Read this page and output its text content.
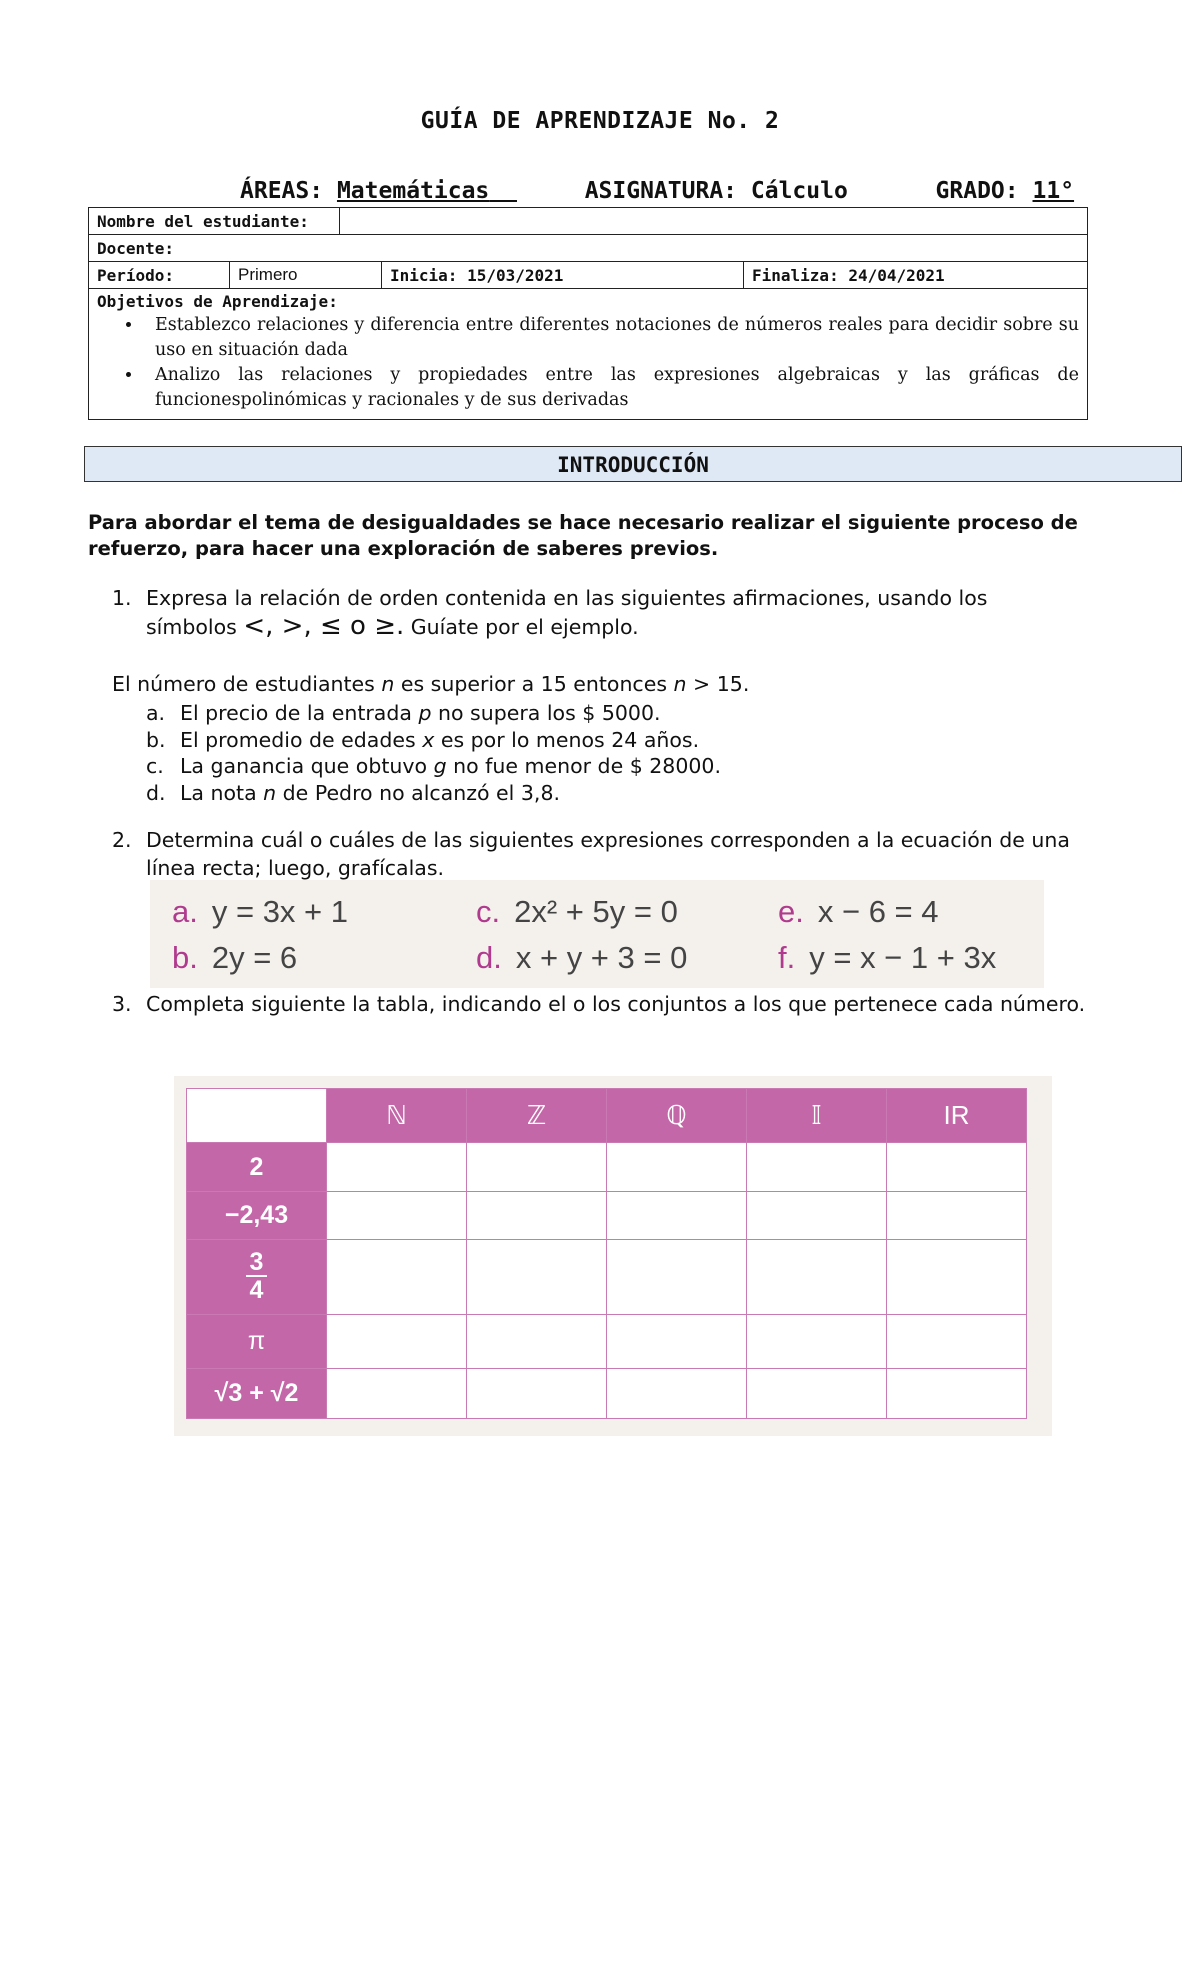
GUÍA DE APRENDIZAJE No. 2
ÁREAS: Matemáticas	ASIGNATURA: Cálculo	GRADO: 11°
Nombre del estudiante:
Docente:
Período:	Primero	Inicia: 15/03/2021	Finaliza: 24/04/2021
Objetivos de Aprendizaje:
• Establezco relaciones y diferencia entre diferentes notaciones de números reales para decidir sobre su uso en situación dada
• Analizo las relaciones y propiedades entre las expresiones algebraicas y las gráficas de funcionespolinómicas y racionales y de sus derivadas
INTRODUCCIÓN
Para abordar el tema de desigualdades se hace necesario realizar el siguiente proceso de refuerzo, para hacer una exploración de saberes previos.
1. Expresa la relación de orden contenida en las siguientes afirmaciones, usando los símbolos <, >, ≤ o ≥. Guíate por el ejemplo.
El número de estudiantes n es superior a 15 entonces n > 15.
a. El precio de la entrada p no supera los $ 5000.
b. El promedio de edades x es por lo menos 24 años.
c. La ganancia que obtuvo g no fue menor de $ 28000.
d. La nota n de Pedro no alcanzó el 3,8.
2. Determina cuál o cuáles de las siguientes expresiones corresponden a la ecuación de una línea recta; luego, grafícalas.
a. y = 3x + 1
b. 2y = 6
c. 2x² + 5y = 0
d. x + y + 3 = 0
e. x − 6 = 4
f. y = x − 1 + 3x
3. Completa siguiente la tabla, indicando el o los conjuntos a los que pertenece cada número.
	ℕ	ℤ	ℚ	𝕀	IR
2					
−2,43					

$\frac{3}{4}$

π					
√3 + √2					
